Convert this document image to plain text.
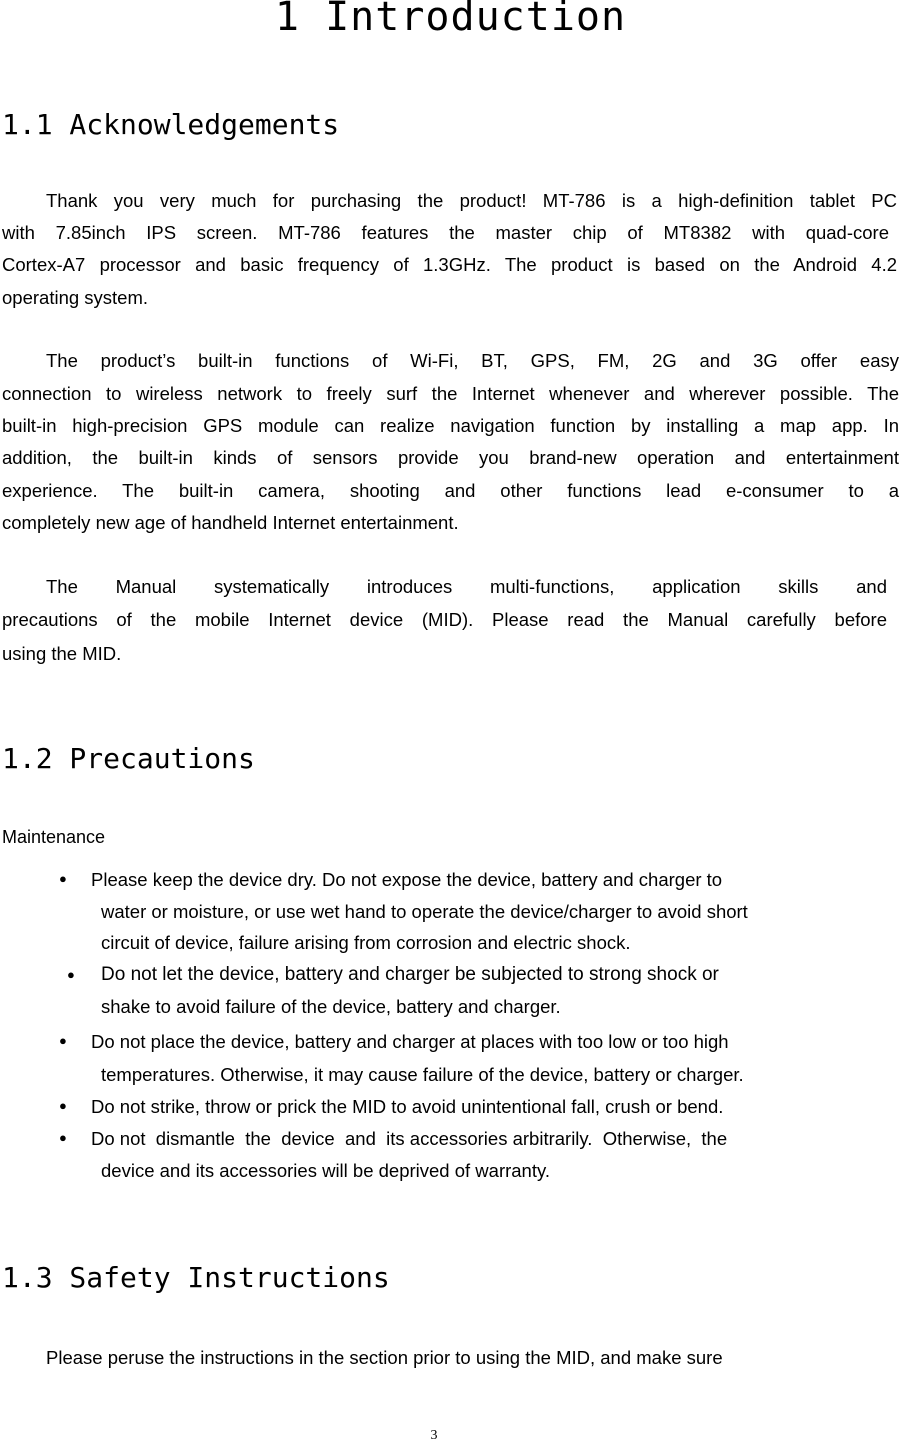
1 Introduction
1.1 Acknowledgements
Thank you very much for purchasing the product! MT-786 is a high-definition tablet PC
with 7.85inch IPS screen. MT-786 features the master chip of MT8382 with quad-core
Cortex-A7 processor and basic frequency of 1.3GHz. The product is based on the Android 4.2
operating system.
The product’s built-in functions of Wi-Fi, BT, GPS, FM, 2G and 3G offer easy
connection to wireless network to freely surf the Internet whenever and wherever possible. The
built-in high-precision GPS module can realize navigation function by installing a map app. In
addition, the built-in kinds of sensors provide you brand-new operation and entertainment
experience. The built-in camera, shooting and other functions lead e-consumer to a
completely new age of handheld Internet entertainment.
The Manual systematically introduces multi-functions, application skills and
precautions of the mobile Internet device (MID). Please read the Manual carefully before
using the MID.
1.2 Precautions
Maintenance
● Please keep the device dry. Do not expose the device, battery and charger to
water or moisture, or use wet hand to operate the device/charger to avoid short
circuit of device, failure arising from corrosion and electric shock.
● Do not let the device, battery and charger be subjected to strong shock or
shake to avoid failure of the device, battery and charger.
● Do not place the device, battery and charger at places with too low or too high
temperatures. Otherwise, it may cause failure of the device, battery or charger.
● Do not strike, throw or prick the MID to avoid unintentional fall, crush or bend.
● Do not  dismantle  the  device  and  its accessories arbitrarily.  Otherwise,  the
device and its accessories will be deprived of warranty.
1.3 Safety Instructions
Please peruse the instructions in the section prior to using the MID, and make sure
3
